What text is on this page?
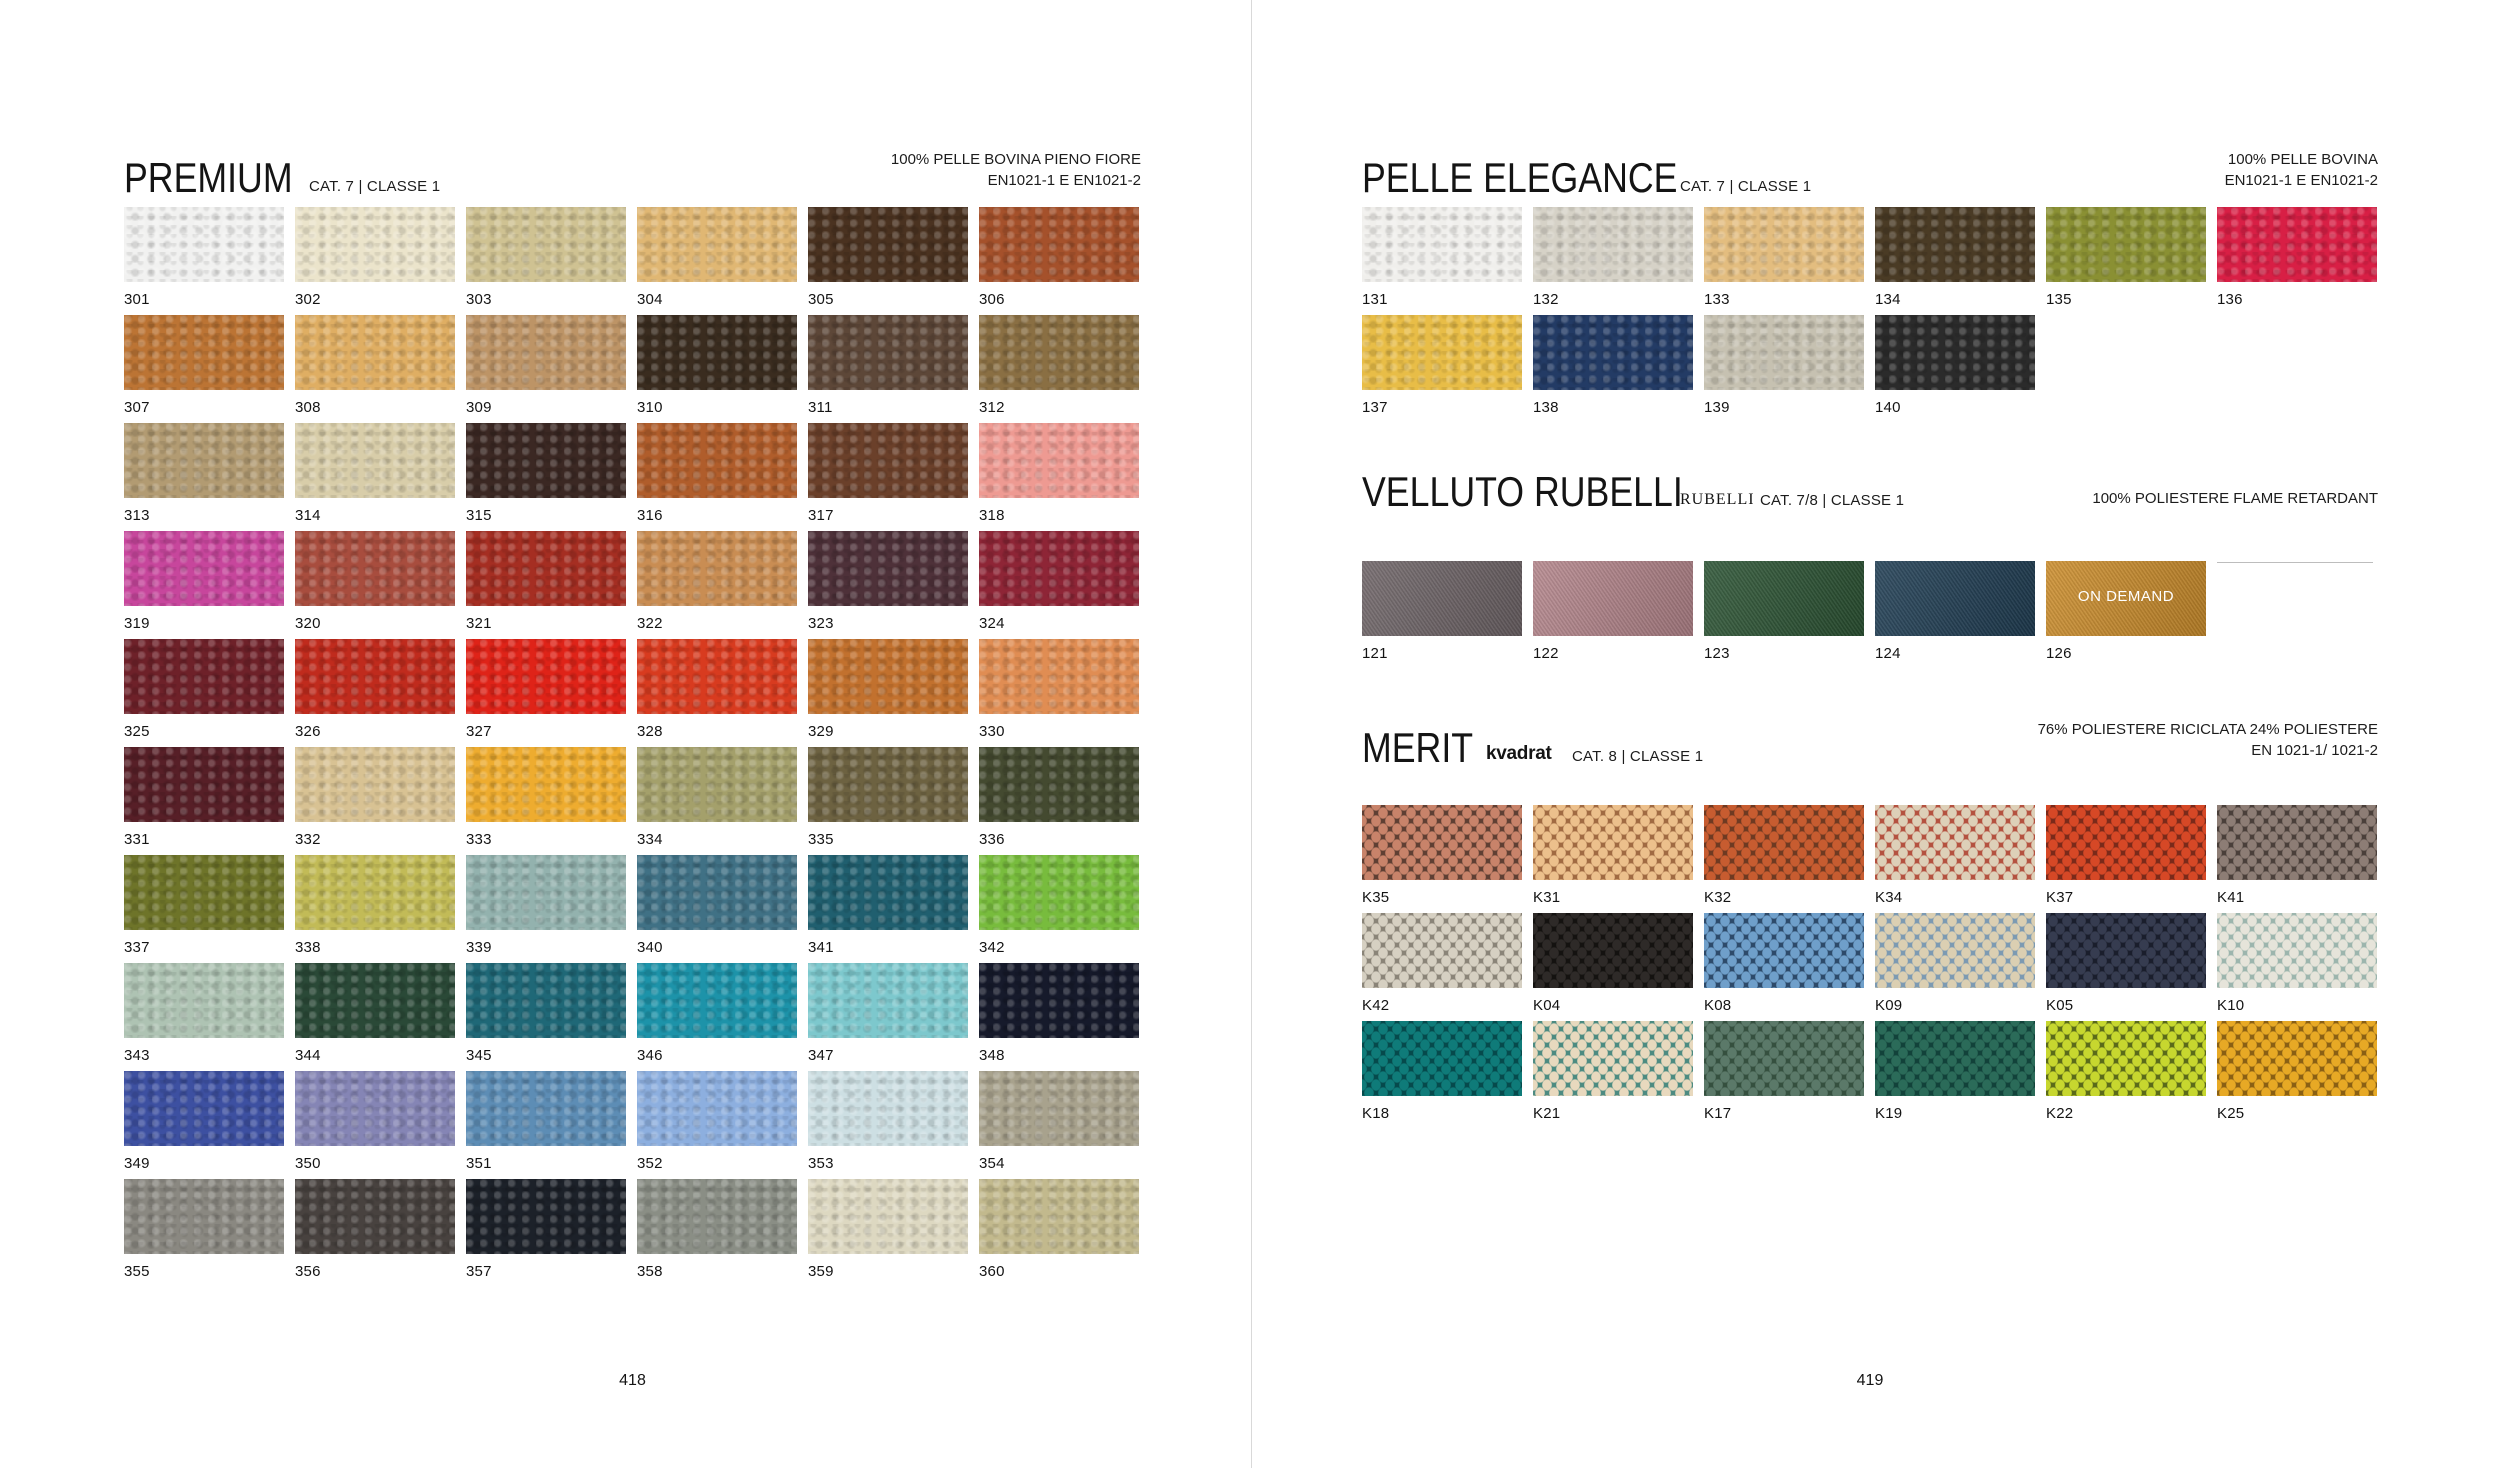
PREMIUM CAT. 7 | CLASSE 1
100% PELLE BOVINA PIENO FIORE
EN1021-1 E EN1021-2
301	302	303	304	305	306
307	308	309	310	311	312
313	314	315	316	317	318
319	320	321	322	323	324
325	326	327	328	329	330
331	332	333	334	335	336
337	338	339	340	341	342
343	344	345	346	347	348
349	350	351	352	353	354
355	356	357	358	359	360
PELLE ELEGANCE CAT. 7 | CLASSE 1
100% PELLE BOVINA
EN1021-1 E EN1021-2
131	132	133	134	135	136
137	138	139	140
VELLUTO RUBELLI
RUBELLI CAT. 7/8 | CLASSE 1	100% POLIESTERE FLAME RETARDANT
121	122	123	124
ON DEMAND
126
MERIT kvadrat CAT. 8 | CLASSE 1
76% POLIESTERE RICICLATA 24% POLIESTERE
EN 1021-1/ 1021-2
K35	K31	K32	K34	K37	K41
K42	K04	K08	K09	K05	K10
K18	K21	K17	K19	K22	K25
418	419
